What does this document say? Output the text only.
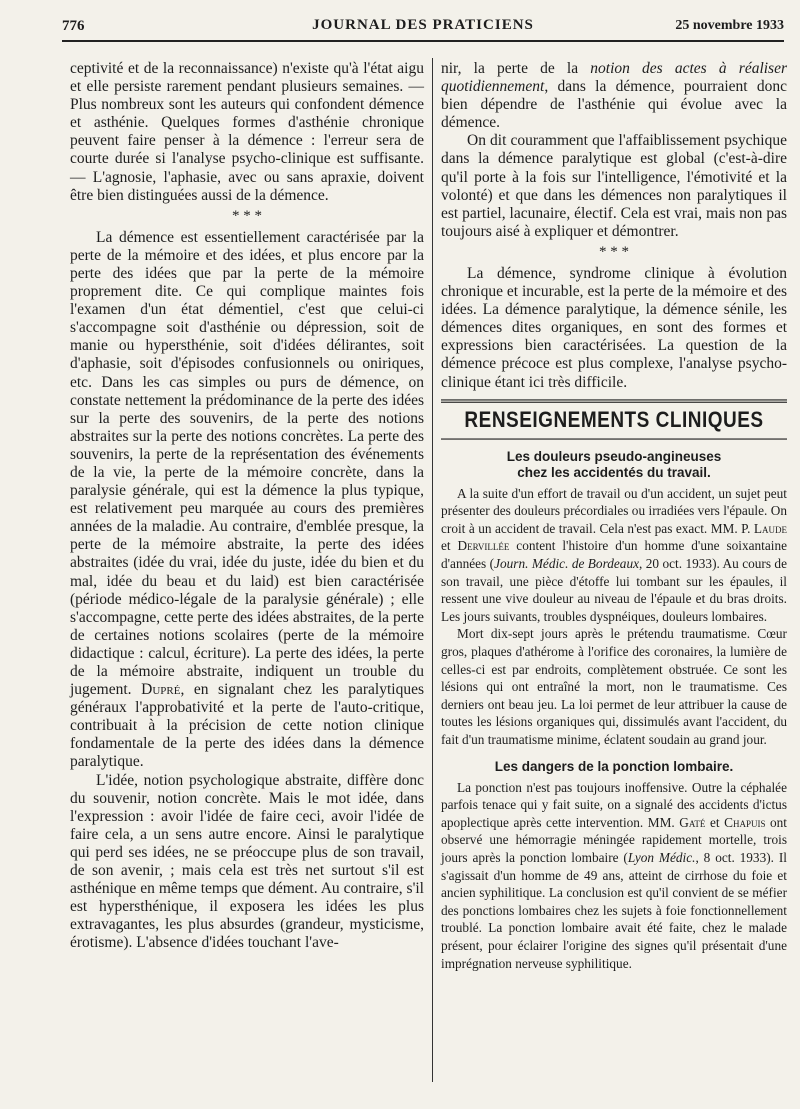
776	JOURNAL DES PRATICIENS	25 novembre 1933

ceptivité et de la reconnaissance) n'existe qu'à l'état aigu et elle persiste rarement pendant plusieurs semaines. — Plus nombreux sont les auteurs qui confondent démence et asthénie. Quelques formes d'asthénie chronique peuvent faire penser à la démence : l'erreur sera de courte durée si l'analyse psycho-clinique est suffisante. — L'agnosie, l'aphasie, avec ou sans apraxie, doivent être bien distinguées aussi de la démence.

* * *

La démence est essentiellement caractérisée par la perte de la mémoire et des idées, et plus encore par la perte des idées que par la perte de la mémoire proprement dite. Ce qui complique maintes fois l'examen d'un état démentiel, c'est que celui-ci s'accompagne soit d'asthénie ou dépression, soit de manie ou hypersthénie, soit d'idées délirantes, soit d'aphasie, soit d'épisodes confusionnels ou oniriques, etc. Dans les cas simples ou purs de démence, on constate nettement la prédominance de la perte des idées sur la perte des souvenirs, de la perte des notions abstraites sur la perte des notions concrètes. La perte des souvenirs, la perte de la représentation des événements de la vie, la perte de la mémoire concrète, dans la paralysie générale, qui est la démence la plus typique, est relativement peu marquée au cours des premières années de la maladie. Au contraire, d'emblée presque, la perte de la mémoire abstraite, la perte des idées abstraites (idée du vrai, idée du juste, idée du bien et du mal, idée du beau et du laid) est bien caractérisée (période médico-légale de la paralysie générale) ; elle s'accompagne, cette perte des idées abstraites, de la perte de certaines notions scolaires (perte de la mémoire didactique : calcul, écriture). La perte des idées, la perte de la mémoire abstraite, indiquent un trouble du jugement. Dupré, en signalant chez les paralytiques généraux l'approbativité et la perte de l'auto-critique, contribuait à la précision de cette notion clinique fondamentale de la perte des idées dans la démence paralytique.

L'idée, notion psychologique abstraite, diffère donc du souvenir, notion concrète. Mais le mot idée, dans l'expression : avoir l'idée de faire ceci, avoir l'idée de faire cela, a un sens autre encore. Ainsi le paralytique qui perd ses idées, ne se préoccupe plus de son travail, de son avenir, ; mais cela est très net surtout s'il est asthénique en même temps que dément. Au contraire, s'il est hypersthénique, il exposera les idées les plus extravagantes, les plus absurdes (grandeur, mysticisme, érotisme). L'absence d'idées touchant l'ave-

nir, la perte de la notion des actes à réaliser quotidiennement, dans la démence, pourraient donc bien dépendre de l'asthénie qui évolue avec la démence.

On dit couramment que l'affaiblissement psychique dans la démence paralytique est global (c'est-à-dire qu'il porte à la fois sur l'intelligence, l'émotivité et la volonté) et que dans les démences non paralytiques il est partiel, lacunaire, électif. Cela est vrai, mais non pas toujours aisé à expliquer et démontrer.

* * *

La démence, syndrome clinique à évolution chronique et incurable, est la perte de la mémoire et des idées. La démence paralytique, la démence sénile, les démences dites organiques, en sont des formes et expressions bien caractérisées. La question de la démence précoce est plus complexe, l'analyse psycho-clinique étant ici très difficile.

RENSEIGNEMENTS CLINIQUES
Les douleurs pseudo-angineuses
chez les accidentés du travail.

A la suite d'un effort de travail ou d'un accident, un sujet peut présenter des douleurs précordiales ou irradiées vers l'épaule. On croit à un accident de travail. Cela n'est pas exact. MM. P. Laude et Dervillée content l'histoire d'un homme d'une soixantaine d'années (Journ. Médic. de Bordeaux, 20 oct. 1933). Au cours de son travail, une pièce d'étoffe lui tombant sur les épaules, il ressent une vive douleur au niveau de l'épaule et du bras droits. Les jours suivants, troubles dyspnéiques, douleurs lombaires.

Mort dix-sept jours après le prétendu traumatisme. Cœur gros, plaques d'athérome à l'orifice des coronaires, la lumière de celles-ci est par endroits, complètement obstruée. Ce sont les lésions qui ont entraîné la mort, non le traumatisme. Ces derniers ont beau jeu. La loi permet de leur attribuer la cause de toutes les lésions organiques qui, dissimulés avant l'accident, du fait d'un traumatisme minime, éclatent soudain au grand jour.

Les dangers de la ponction lombaire.

La ponction n'est pas toujours inoffensive. Outre la céphalée parfois tenace qui y fait suite, on a signalé des accidents d'ictus apoplectique après cette intervention. MM. Gaté et Chapuis ont observé une hémorragie méningée rapidement mortelle, trois jours après la ponction lombaire (Lyon Médic., 8 oct. 1933). Il s'agissait d'un homme de 49 ans, atteint de cirrhose du foie et ancien syphilitique. La conclusion est qu'il convient de se méfier des ponctions lombaires chez les sujets à foie fonctionnellement troublé. La ponction lombaire avait été faite, chez le malade présent, pour éclairer l'origine des signes qu'il présentait d'une imprégnation nerveuse syphilitique.
